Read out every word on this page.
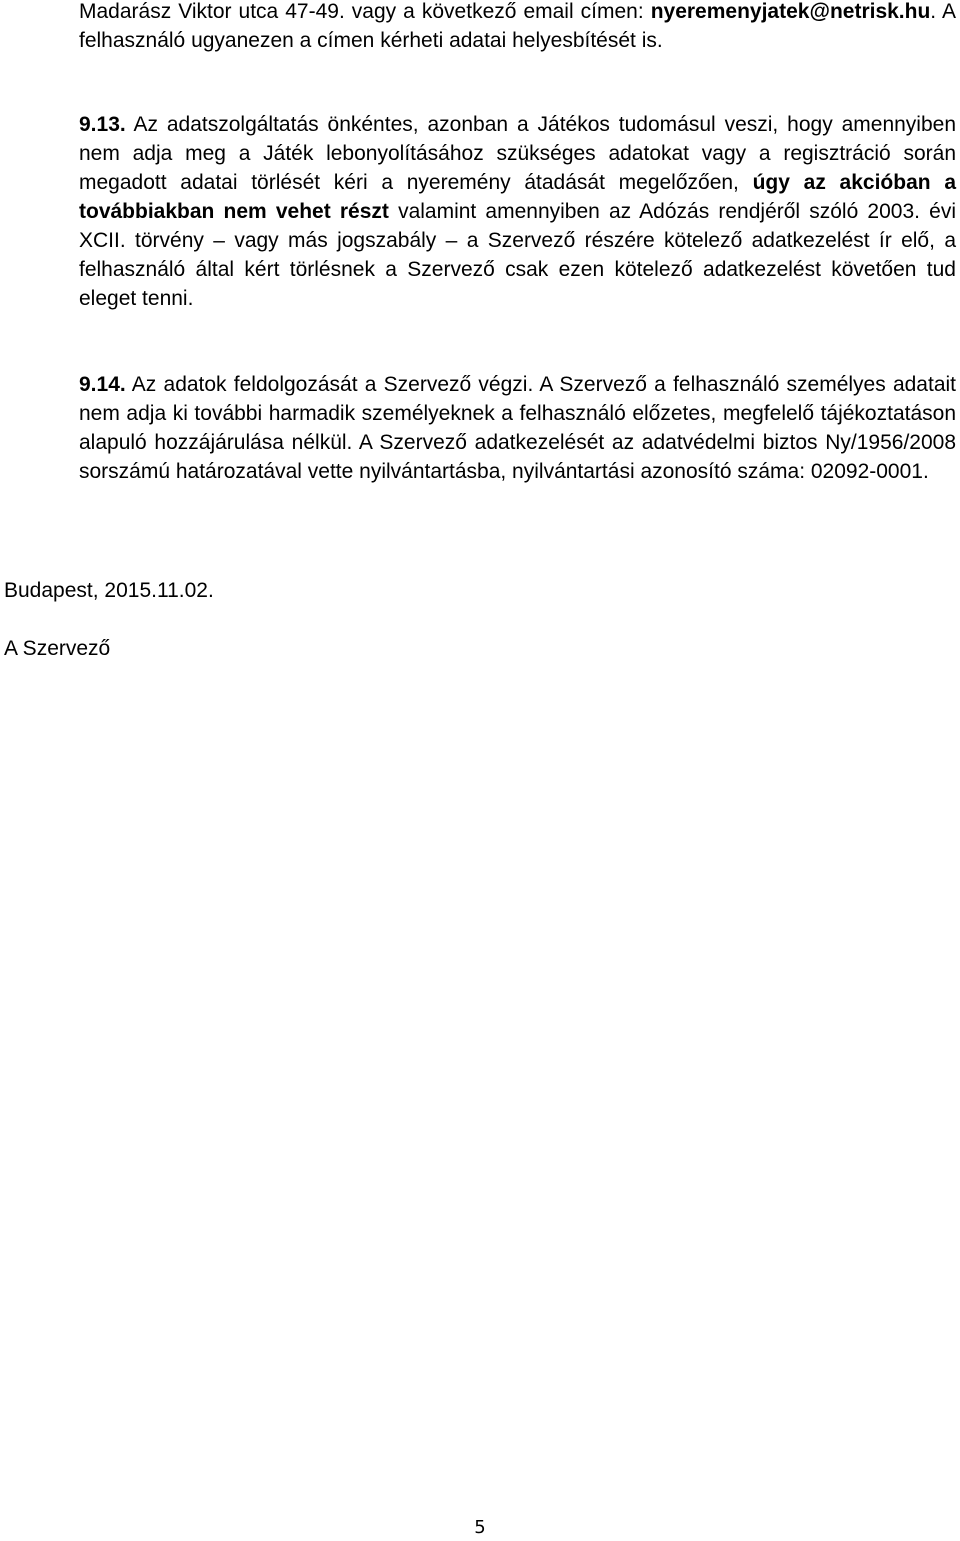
Madarász Viktor utca 47-49. vagy a következő email címen: nyeremenyjatek@netrisk.hu. A felhasználó ugyanezen a címen kérheti adatai helyesbítését is.

9.13. Az adatszolgáltatás önkéntes, azonban a Játékos tudomásul veszi, hogy amennyiben nem adja meg a Játék lebonyolításához szükséges adatokat vagy a regisztráció során megadott adatai törlését kéri a nyeremény átadását megelőzően, úgy az akcióban a továbbiakban nem vehet részt valamint amennyiben az Adózás rendjéről szóló 2003. évi XCII. törvény – vagy más jogszabály – a Szervező részére kötelező adatkezelést ír elő, a felhasználó által kért törlésnek a Szervező csak ezen kötelező adatkezelést követően tud eleget tenni.

9.14. Az adatok feldolgozását a Szervező végzi. A Szervező a felhasználó személyes adatait nem adja ki további harmadik személyeknek a felhasználó előzetes, megfelelő tájékoztatáson alapuló hozzájárulása nélkül. A Szervező adatkezelését az adatvédelmi biztos Ny/1956/2008 sorszámú határozatával vette nyilvántartásba, nyilvántartási azonosító száma: 02092-0001.

Budapest, 2015.11.02.

A Szervező

5
